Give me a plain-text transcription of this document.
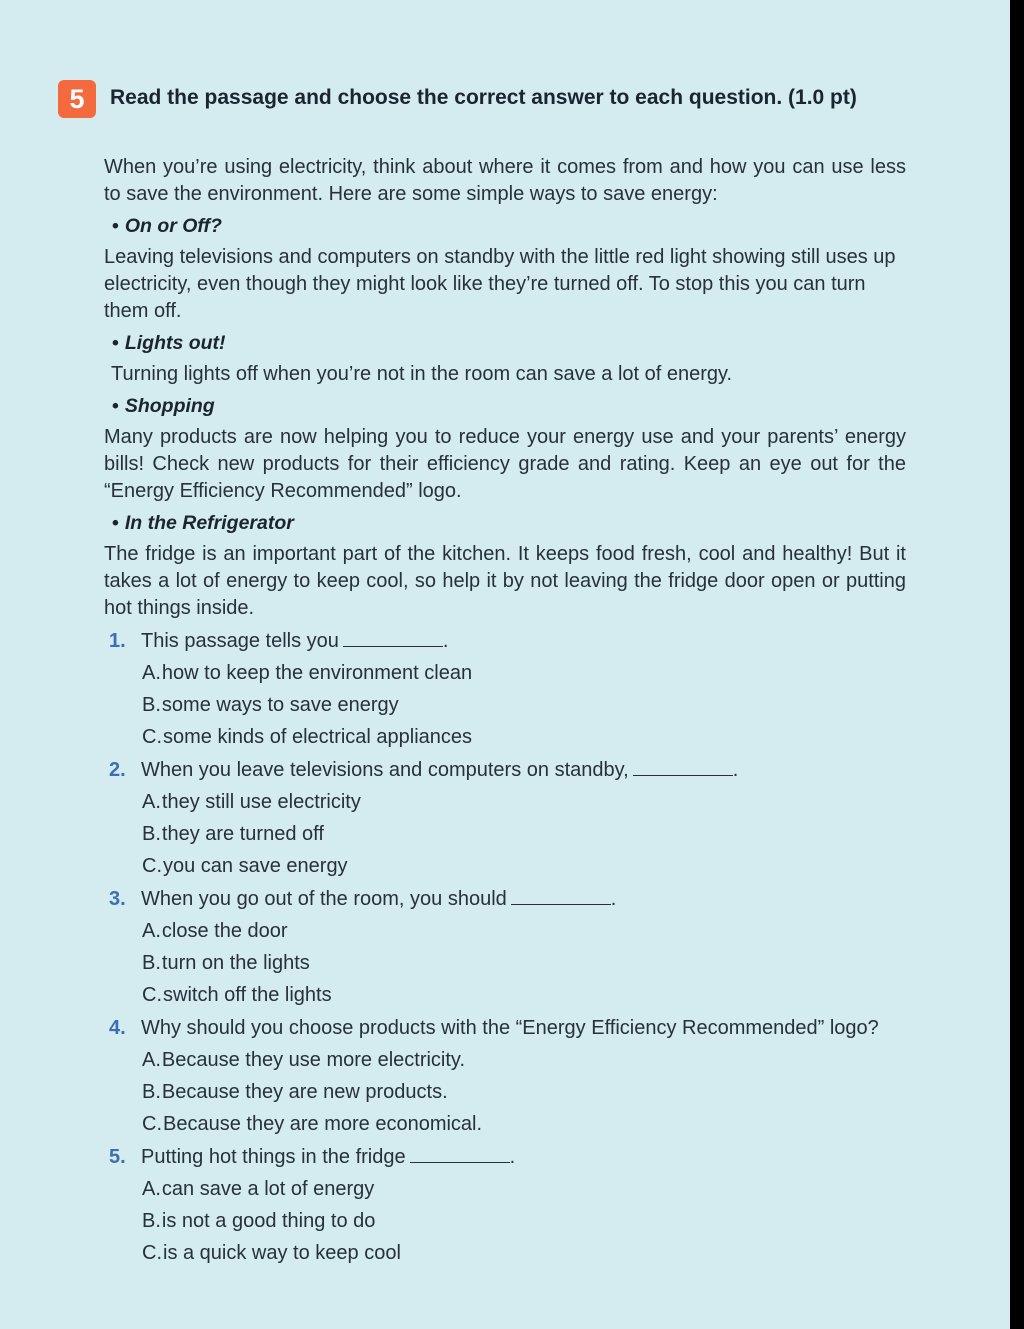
5	Read the passage and choose the correct answer to each question. (1.0 pt)

When you’re using electricity, think about where it comes from and how you can use less to save the environment. Here are some simple ways to save energy:

• On or Off?

Leaving televisions and computers on standby with the little red light showing still uses up electricity, even though they might look like they’re turned off. To stop this you can turn them off.

• Lights out!

Turning lights off when you’re not in the room can save a lot of energy.

• Shopping

Many products are now helping you to reduce your energy use and your parents’ energy bills! Check new products for their efficiency grade and rating. Keep an eye out for the “Energy Efficiency Recommended” logo.

• In the Refrigerator

The fridge is an important part of the kitchen. It keeps food fresh, cool and healthy! But it takes a lot of energy to keep cool, so help it by not leaving the fridge door open or putting hot things inside.

1. This passage tells you	.
A.how to keep the environment clean
B.some ways to save energy
C.some kinds of electrical appliances
2. When you leave televisions and computers on standby,	.
A.they still use electricity
B.they are turned off
C.you can save energy
3. When you go out of the room, you should	.
A.close the door
B.turn on the lights
C.switch off the lights
4. Why should you choose products with the “Energy Efficiency Recommended” logo?
A.Because they use more electricity.
B.Because they are new products.
C.Because they are more economical.
5. Putting hot things in the fridge	.
A.can save a lot of energy
B.is not a good thing to do
C.is a quick way to keep cool
